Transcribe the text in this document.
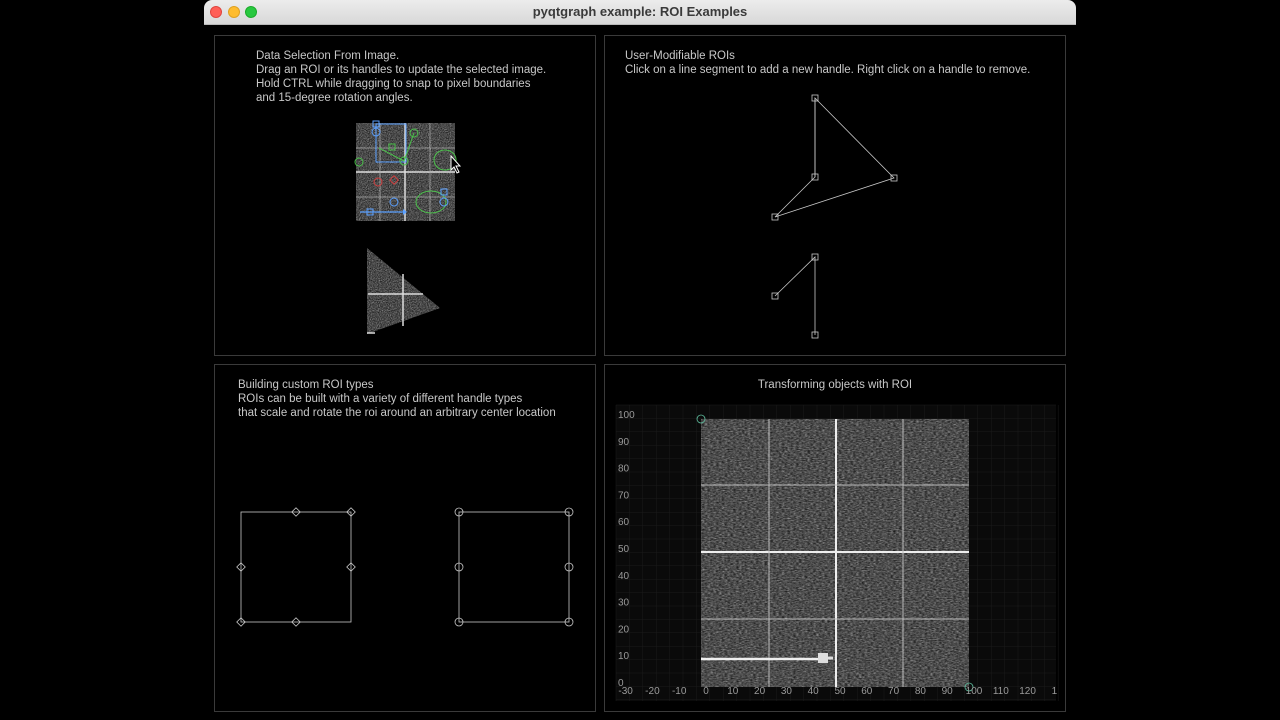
pyqtgraph example: ROI Examples
Data Selection From Image.
Drag an ROI or its handles to update the selected image.
Hold CTRL while dragging to snap to pixel boundaries
and 15-degree rotation angles.
User-Modifiable ROIs
Click on a line segment to add a new handle. Right click on a handle to remove.
Building custom ROI types
ROIs can be built with a variety of different handle types
that scale and rotate the roi around an arbitrary center location
Transforming objects with ROI
100
90
80
70
60
50
40
30
20
10
0
-30 -20 -10 0 10 20 30 40 50 60 70 80 90 100 110 120 1
